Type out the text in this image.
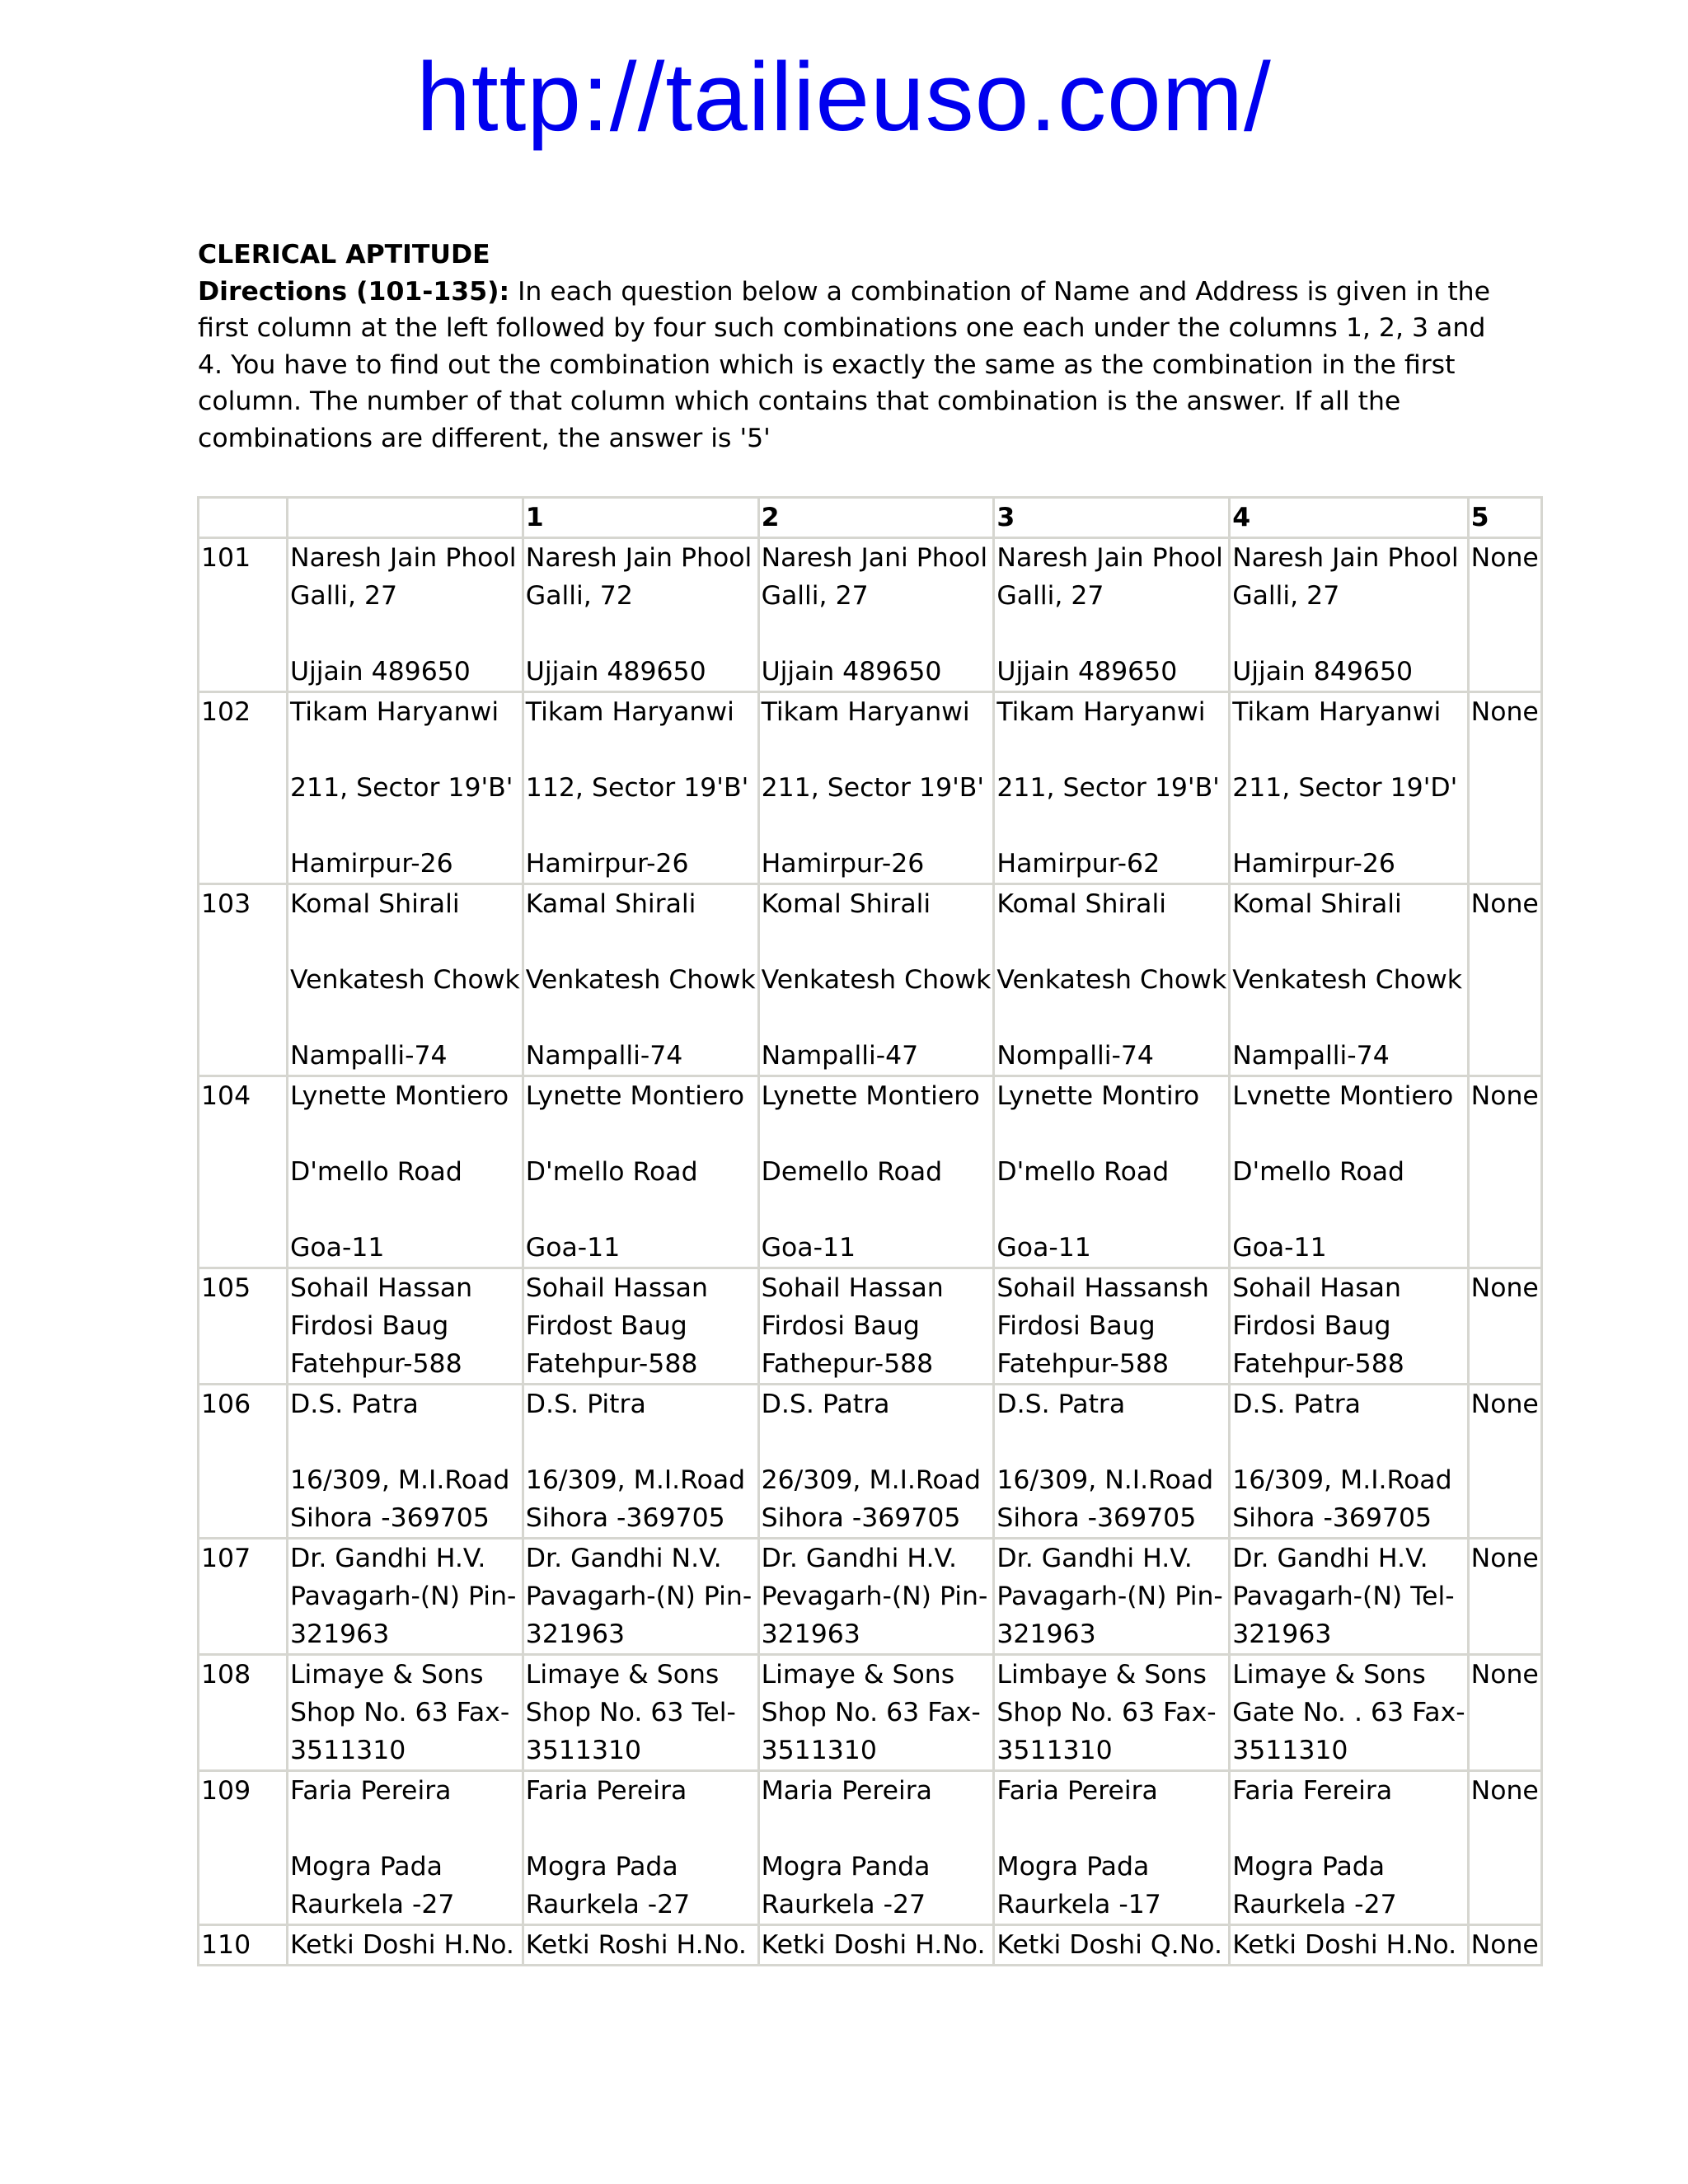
http://tailieuso.com/
CLERICAL APTITUDE
Directions (101-135): In each question below a combination of Name and Address is given in the first column at the left followed by four such combinations one each under the columns 1, 2, 3 and 4. You have to find out the combination which is exactly the same as the combination in the first column. The number of that column which contains that combination is the answer. If all the combinations are different, the answer is '5'
		1	2	3	4	5
101	Naresh Jain Phool
Galli, 27
Ujjain 489650	Naresh Jain Phool
Galli, 72
Ujjain 489650	Naresh Jani Phool
Galli, 27
Ujjain 489650	Naresh Jain Phool
Galli, 27
Ujjain 489650	Naresh Jain Phool
Galli, 27
Ujjain 849650	None
102	Tikam Haryanwi
211, Sector 19'B'
Hamirpur-26	Tikam Haryanwi
112, Sector 19'B'
Hamirpur-26	Tikam Haryanwi
211, Sector 19'B'
Hamirpur-26	Tikam Haryanwi
211, Sector 19'B'
Hamirpur-62	Tikam Haryanwi
211, Sector 19'D'
Hamirpur-26	None
103	Komal Shirali
Venkatesh Chowk
Nampalli-74	Kamal Shirali
Venkatesh Chowk
Nampalli-74	Komal Shirali
Venkatesh Chowk
Nampalli-47	Komal Shirali
Venkatesh Chowk
Nompalli-74	Komal Shirali
Venkatesh Chowk
Nampalli-74	None
104	Lynette Montiero
D'mello Road
Goa-11	Lynette Montiero
D'mello Road
Goa-11	Lynette Montiero
Demello Road
Goa-11	Lynette Montiro
D'mello Road
Goa-11	Lvnette Montiero
D'mello Road
Goa-11	None
105	Sohail Hassan
Firdosi Baug
Fatehpur-588	Sohail Hassan
Firdost Baug
Fatehpur-588	Sohail Hassan
Firdosi Baug
Fathepur-588	Sohail Hassansh
Firdosi Baug
Fatehpur-588	Sohail Hasan
Firdosi Baug
Fatehpur-588	None
106	D.S. Patra
16/309, M.I.Road
Sihora -369705	D.S. Pitra
16/309, M.I.Road
Sihora -369705	D.S. Patra
26/309, M.I.Road
Sihora -369705	D.S. Patra
16/309, N.I.Road
Sihora -369705	D.S. Patra
16/309, M.I.Road
Sihora -369705	None
107	Dr. Gandhi H.V.
Pavagarh-(N) Pin-
321963	Dr. Gandhi N.V.
Pavagarh-(N) Pin-
321963	Dr. Gandhi H.V.
Pevagarh-(N) Pin-
321963	Dr. Gandhi H.V.
Pavagarh-(N) Pin-
321963	Dr. Gandhi H.V.
Pavagarh-(N) Tel-
321963	None
108	Limaye & Sons
Shop No. 63 Fax-
3511310	Limaye & Sons
Shop No. 63 Tel-
3511310	Limaye & Sons
Shop No. 63 Fax-
3511310	Limbaye & Sons
Shop No. 63 Fax-
3511310	Limaye & Sons
Gate No. . 63 Fax-
3511310	None
109	Faria Pereira
Mogra Pada
Raurkela -27	Faria Pereira
Mogra Pada
Raurkela -27	Maria Pereira
Mogra Panda
Raurkela -27	Faria Pereira
Mogra Pada
Raurkela -17	Faria Fereira
Mogra Pada
Raurkela -27	None
110	Ketki Doshi H.No.	Ketki Roshi H.No.	Ketki Doshi H.No.	Ketki Doshi Q.No.	Ketki Doshi H.No.	None
